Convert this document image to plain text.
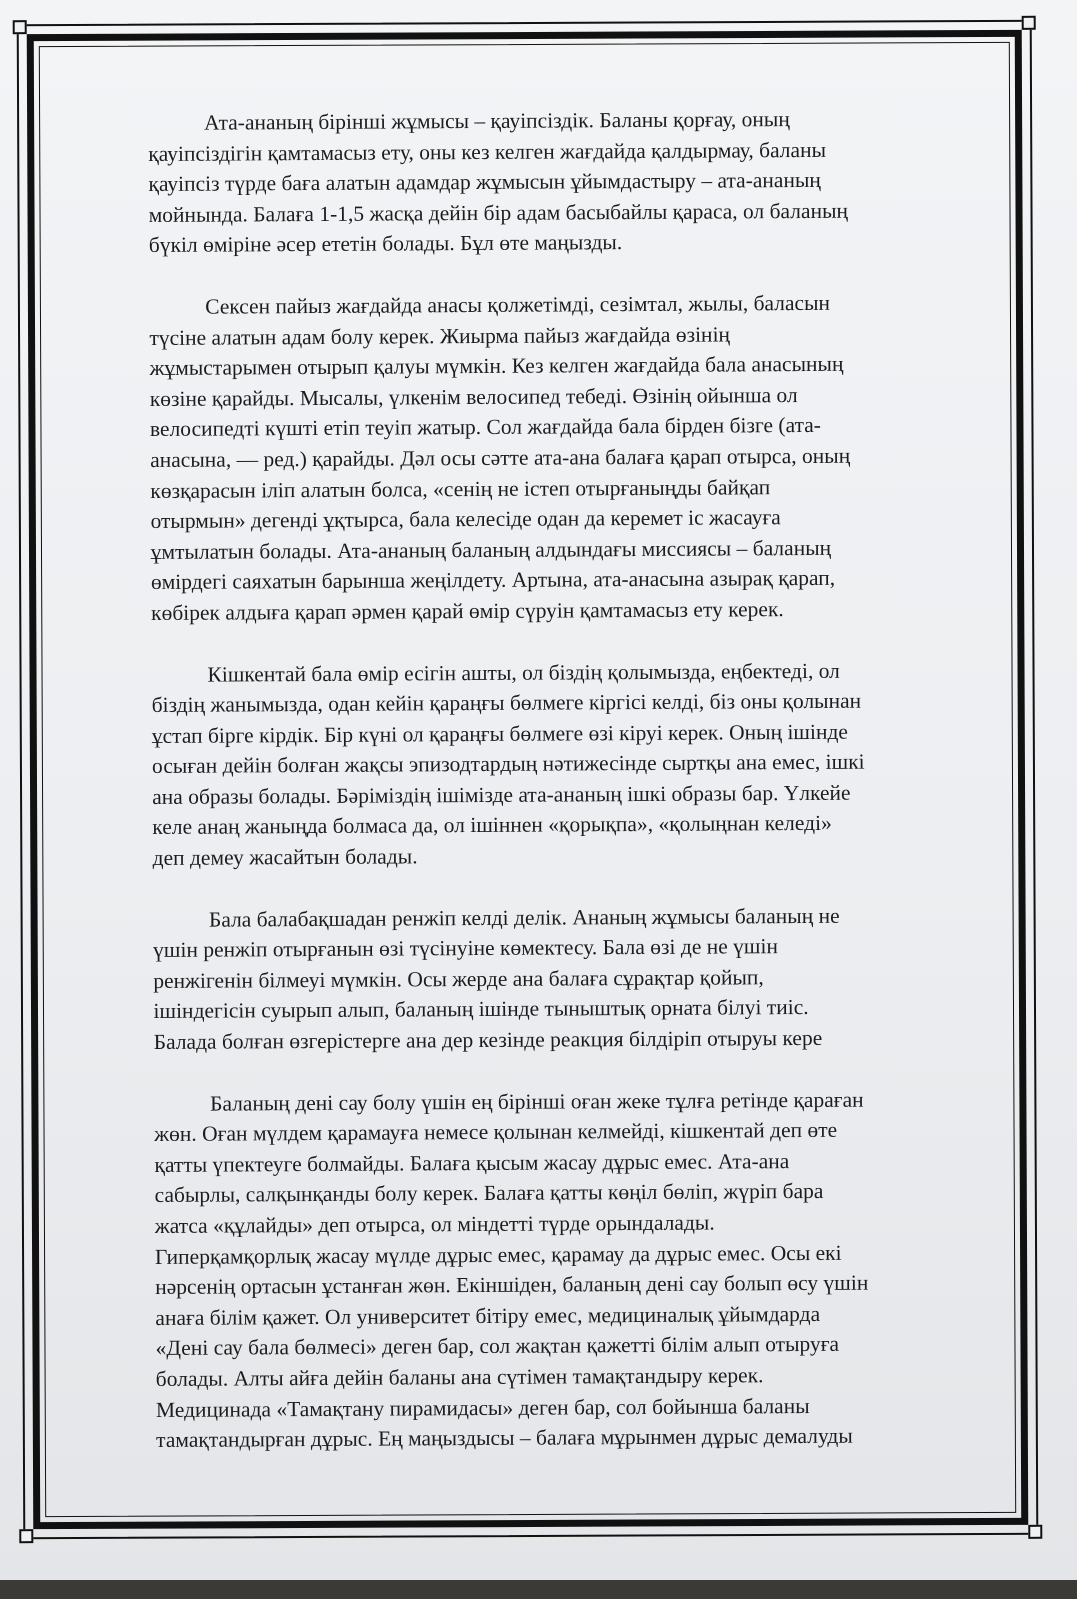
Ата-ананың бірінші жұмысы – қауіпсіздік. Баланы қорғау, оның
қауіпсіздігін қамтамасыз ету, оны кез келген жағдайда қалдырмау, баланы
қауіпсіз түрде баға алатын адамдар жұмысын ұйымдастыру – ата-ананың
мойнында. Балаға 1-1,5 жасқа дейін бір адам басыбайлы қараса, ол баланың
бүкіл өміріне әсер ететін болады. Бұл өте маңызды.

Сексен пайыз жағдайда анасы қолжетімді, сезімтал, жылы, баласын
түсіне алатын адам болу керек. Жиырма пайыз жағдайда өзінің
жұмыстарымен отырып қалуы мүмкін. Кез келген жағдайда бала анасының
көзіне қарайды. Мысалы, үлкенім велосипед тебеді. Өзінің ойынша ол
велосипедті күшті етіп теуіп жатыр. Сол жағдайда бала бірден бізге (ата-
анасына, — ред.) қарайды. Дәл осы сәтте ата-ана балаға қарап отырса, оның
көзқарасын іліп алатын болса, «сенің не істеп отырғаныңды байқап
отырмын» дегенді ұқтырса, бала келесіде одан да керемет іс жасауға
ұмтылатын болады. Ата-ананың баланың алдындағы миссиясы – баланың
өмірдегі саяхатын барынша жеңілдету. Артына, ата-анасына азырақ қарап,
көбірек алдыға қарап әрмен қарай өмір сүруін қамтамасыз ету керек.

Кішкентай бала өмір есігін ашты, ол біздің қолымызда, еңбектеді, ол
біздің жанымызда, одан кейін қараңғы бөлмеге кіргісі келді, біз оны қолынан
ұстап бірге кірдік. Бір күні ол қараңғы бөлмеге өзі кіруі керек. Оның ішінде
осыған дейін болған жақсы эпизодтардың нәтижесінде сыртқы ана емес, ішкі
ана образы болады. Бәріміздің ішімізде ата-ананың ішкі образы бар. Үлкейе
келе анаң жаныңда болмаса да, ол ішіннен «қорықпа», «қолыңнан келеді»
деп демеу жасайтын болады.

Бала балабақшадан ренжіп келді делік. Ананың жұмысы баланың не
үшін ренжіп отырғанын өзі түсінуіне көмектесу. Бала өзі де не үшін
ренжігенін білмеуі мүмкін. Осы жерде ана балаға сұрақтар қойып,
ішіндегісін суырып алып, баланың ішінде тыныштық орната білуі тиіс.
Балада болған өзгерістерге ана дер кезінде реакция білдіріп отыруы кере

Баланың дені сау болу үшін ең бірінші оған жеке тұлға ретінде қараған
жөн. Оған мүлдем қарамауға немесе қолынан келмейді, кішкентай деп өте
қатты үпектеуге болмайды. Балаға қысым жасау дұрыс емес. Ата-ана
сабырлы, салқынқанды болу керек. Балаға қатты көңіл бөліп, жүріп бара
жатса «құлайды» деп отырса, ол міндетті түрде орындалады.
Гиперқамқорлық жасау мүлде дұрыс емес, қарамау да дұрыс емес. Осы екі
нәрсенің ортасын ұстанған жөн. Екіншіден, баланың дені сау болып өсу үшін
анаға білім қажет. Ол университет бітіру емес, медициналық ұйымдарда
«Дені сау бала бөлмесі» деген бар, сол жақтан қажетті білім алып отыруға
болады. Алты айға дейін баланы ана сүтімен тамақтандыру керек.
Медицинада «Тамақтану пирамидасы» деген бар, сол бойынша баланы
тамақтандырған дұрыс. Ең маңыздысы – балаға мұрынмен дұрыс демалуды
